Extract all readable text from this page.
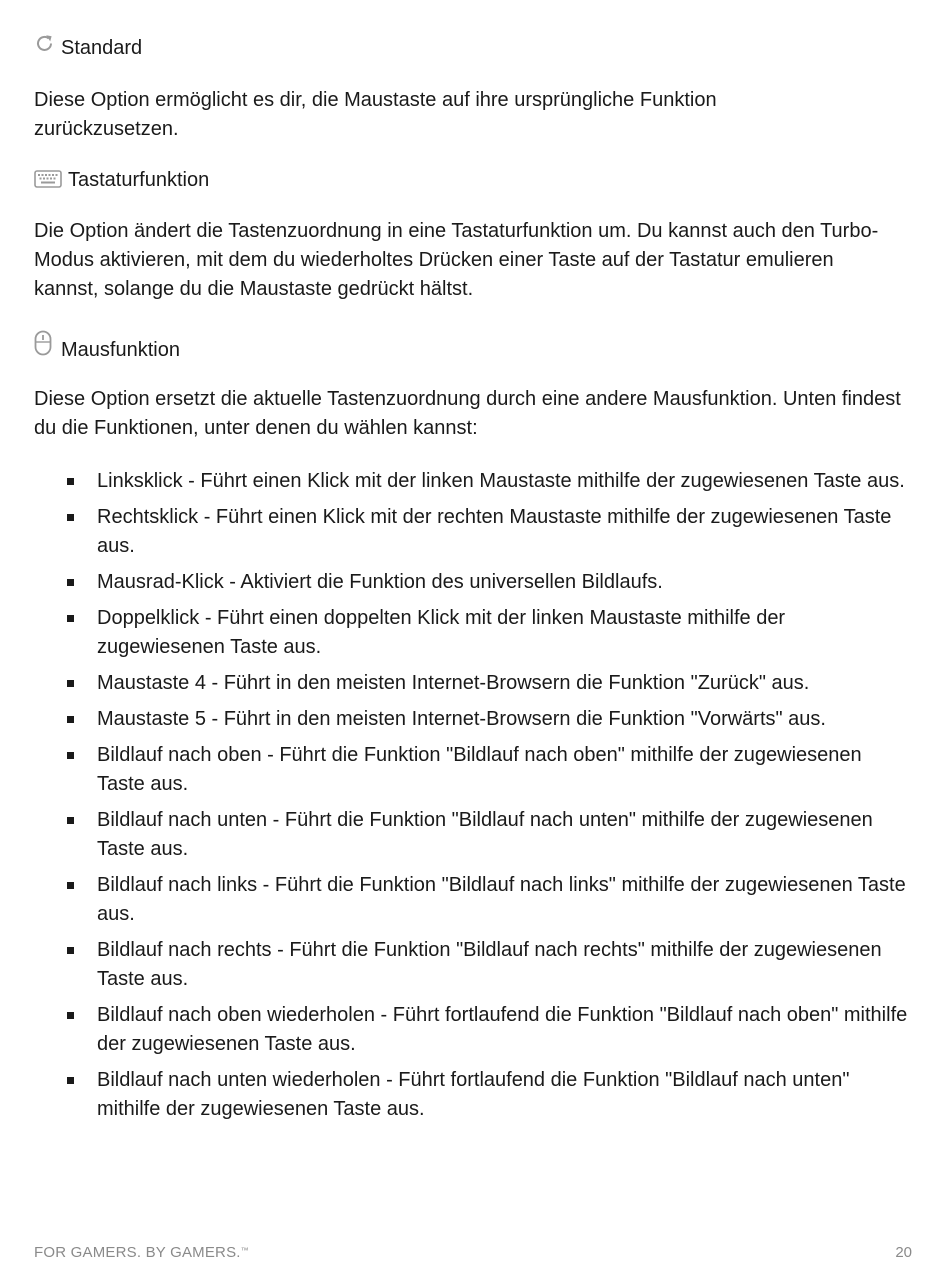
Standard

Diese Option ermöglicht es dir, die Maustaste auf ihre ursprüngliche Funktion zurückzusetzen.

Tastaturfunktion

Die Option ändert die Tastenzuordnung in eine Tastaturfunktion um. Du kannst auch den Turbo-Modus aktivieren, mit dem du wiederholtes Drücken einer Taste auf der Tastatur emulieren kannst, solange du die Maustaste gedrückt hältst.

Mausfunktion

Diese Option ersetzt die aktuelle Tastenzuordnung durch eine andere Mausfunktion. Unten findest du die Funktionen, unter denen du wählen kannst:

Linksklick - Führt einen Klick mit der linken Maustaste mithilfe der zugewiesenen Taste aus.
Rechtsklick - Führt einen Klick mit der rechten Maustaste mithilfe der zugewiesenen Taste aus.
Mausrad-Klick - Aktiviert die Funktion des universellen Bildlaufs.
Doppelklick - Führt einen doppelten Klick mit der linken Maustaste mithilfe der zugewiesenen Taste aus.
Maustaste 4 - Führt in den meisten Internet-Browsern die Funktion "Zurück" aus.
Maustaste 5 - Führt in den meisten Internet-Browsern die Funktion "Vorwärts" aus.
Bildlauf nach oben - Führt die Funktion "Bildlauf nach oben" mithilfe der zugewiesenen Taste aus.
Bildlauf nach unten - Führt die Funktion "Bildlauf nach unten" mithilfe der zugewiesenen Taste aus.
Bildlauf nach links - Führt die Funktion "Bildlauf nach links" mithilfe der zugewiesenen Taste aus.
Bildlauf nach rechts - Führt die Funktion "Bildlauf nach rechts" mithilfe der zugewiesenen Taste aus.
Bildlauf nach oben wiederholen - Führt fortlaufend die Funktion "Bildlauf nach oben" mithilfe der zugewiesenen Taste aus.
Bildlauf nach unten wiederholen - Führt fortlaufend die Funktion "Bildlauf nach unten" mithilfe der zugewiesenen Taste aus.
FOR GAMERS. BY GAMERS.™	20
